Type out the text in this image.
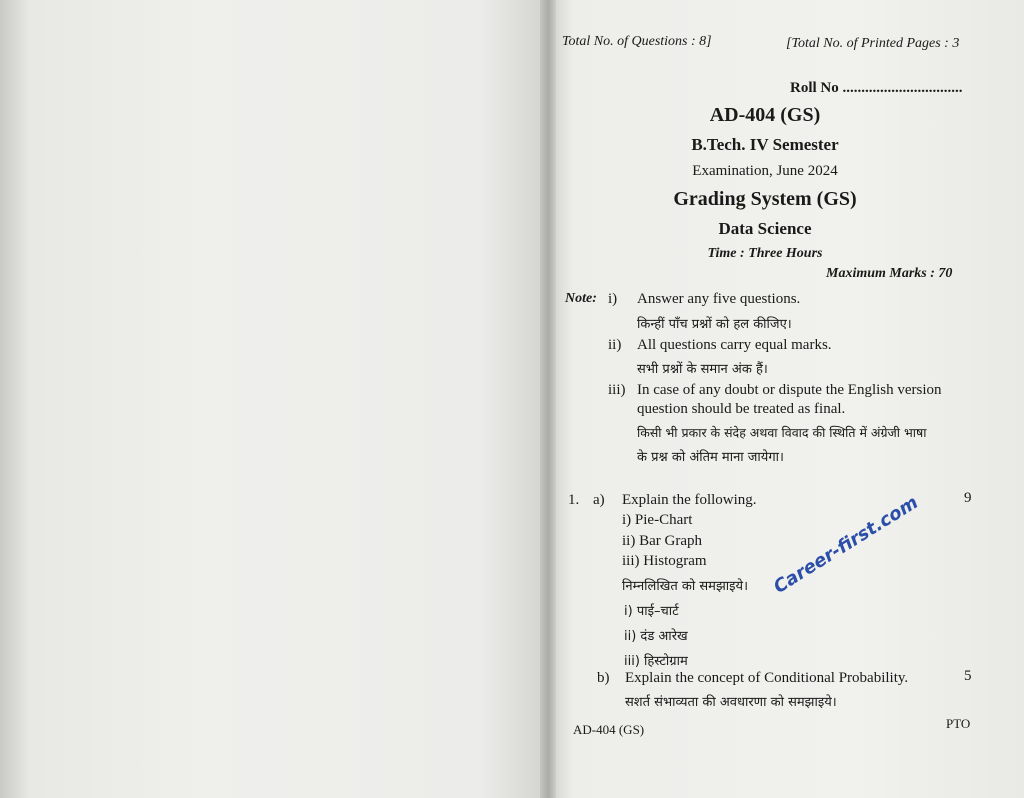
Total No. of Questions : 8]	[Total No. of Printed Pages : 3
Roll No ................................
AD-404 (GS)
B.Tech. IV Semester
Examination, June 2024
Grading System (GS)
Data Science
Time : Three Hours
Maximum Marks : 70
Note: i) Answer any five questions.
किन्हीं पाँच प्रश्नों को हल कीजिए।
ii) All questions carry equal marks.
सभी प्रश्नों के समान अंक हैं।
iii) In case of any doubt or dispute the English version
question should be treated as final.
किसी भी प्रकार के संदेह अथवा विवाद की स्थिति में अंग्रेजी भाषा
के प्रश्न को अंतिम माना जायेगा।
1. a) Explain the following.	9
i) Pie-Chart
ii) Bar Graph
iii) Histogram
निम्नलिखित को समझाइये।
i) पाई–चार्ट
ii) दंड आरेख
iii) हिस्टोग्राम
b) Explain the concept of Conditional Probability.	5
सशर्त संभाव्यता की अवधारणा को समझाइये।
AD-404 (GS)	PTO
Career-first.com
